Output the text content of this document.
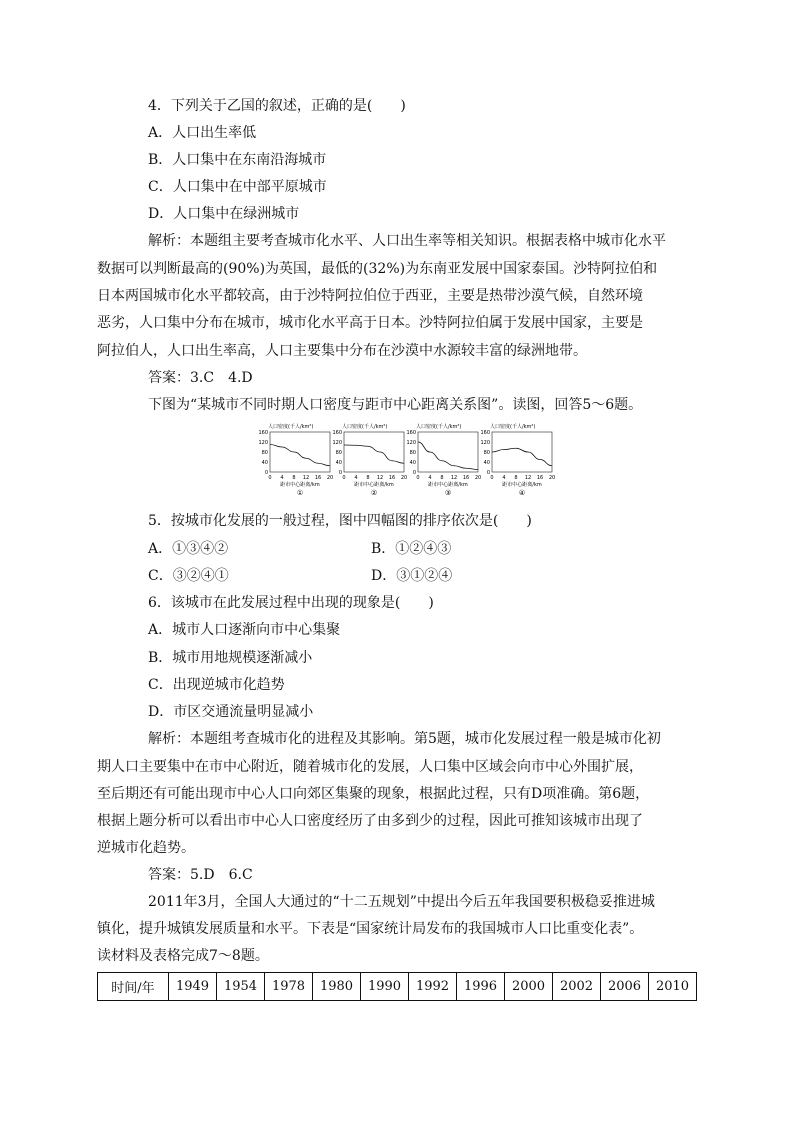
4．下列关于乙国的叙述，正确的是(　　)
A．人口出生率低
B．人口集中在东南沿海城市
C．人口集中在中部平原城市
D．人口集中在绿洲城市
解析：本题组主要考查城市化水平、人口出生率等相关知识。根据表格中城市化水平
数据可以判断最高的(90%)为英国，最低的(32%)为东南亚发展中国家泰国。沙特阿拉伯和
日本两国城市化水平都较高，由于沙特阿拉伯位于西亚，主要是热带沙漠气候，自然环境
恶劣，人口集中分布在城市，城市化水平高于日本。沙特阿拉伯属于发展中国家，主要是
阿拉伯人，人口出生率高，人口主要集中分布在沙漠中水源较丰富的绿洲地带。
答案：3.C　4.D
下图为“某城市不同时期人口密度与距市中心距离关系图”。读图，回答5～6题。
人口密度(千人/km²)
160
120
80
40
0
0 4 8 12 16 20
距市中心距离/km
①
人口密度(千人/km²)
160
120
80
40
0
0 4 8 12 16 20
距市中心距离/km
②
人口密度(千人/km²)
160
120
80
40
0
0 4 8 12 16 20
距市中心距离/km
③
人口密度(千人/km²)
160
120
80
40
0
0 4 8 12 16 20
距市中心距离/km
④
5．按城市化发展的一般过程，图中四幅图的排序依次是(　　)
A．①③④②	B．①②④③
C．③②④①	D．③①②④
6．该城市在此发展过程中出现的现象是(　　)
A．城市人口逐渐向市中心集聚
B．城市用地规模逐渐减小
C．出现逆城市化趋势
D．市区交通流量明显减小
解析：本题组考查城市化的进程及其影响。第5题，城市化发展过程一般是城市化初
期人口主要集中在市中心附近，随着城市化的发展，人口集中区域会向市中心外围扩展，
至后期还有可能出现市中心人口向郊区集聚的现象，根据此过程，只有D项准确。第6题，
根据上题分析可以看出市中心人口密度经历了由多到少的过程，因此可推知该城市出现了
逆城市化趋势。
答案：5.D　6.C
2011年3月，全国人大通过的“十二五规划”中提出今后五年我国要积极稳妥推进城
镇化，提升城镇发展质量和水平。下表是“国家统计局发布的我国城市人口比重变化表”。
读材料及表格完成7～8题。
时间/年	1949	1954	1978	1980	1990	1992	1996	2000	2002	2006	2010
